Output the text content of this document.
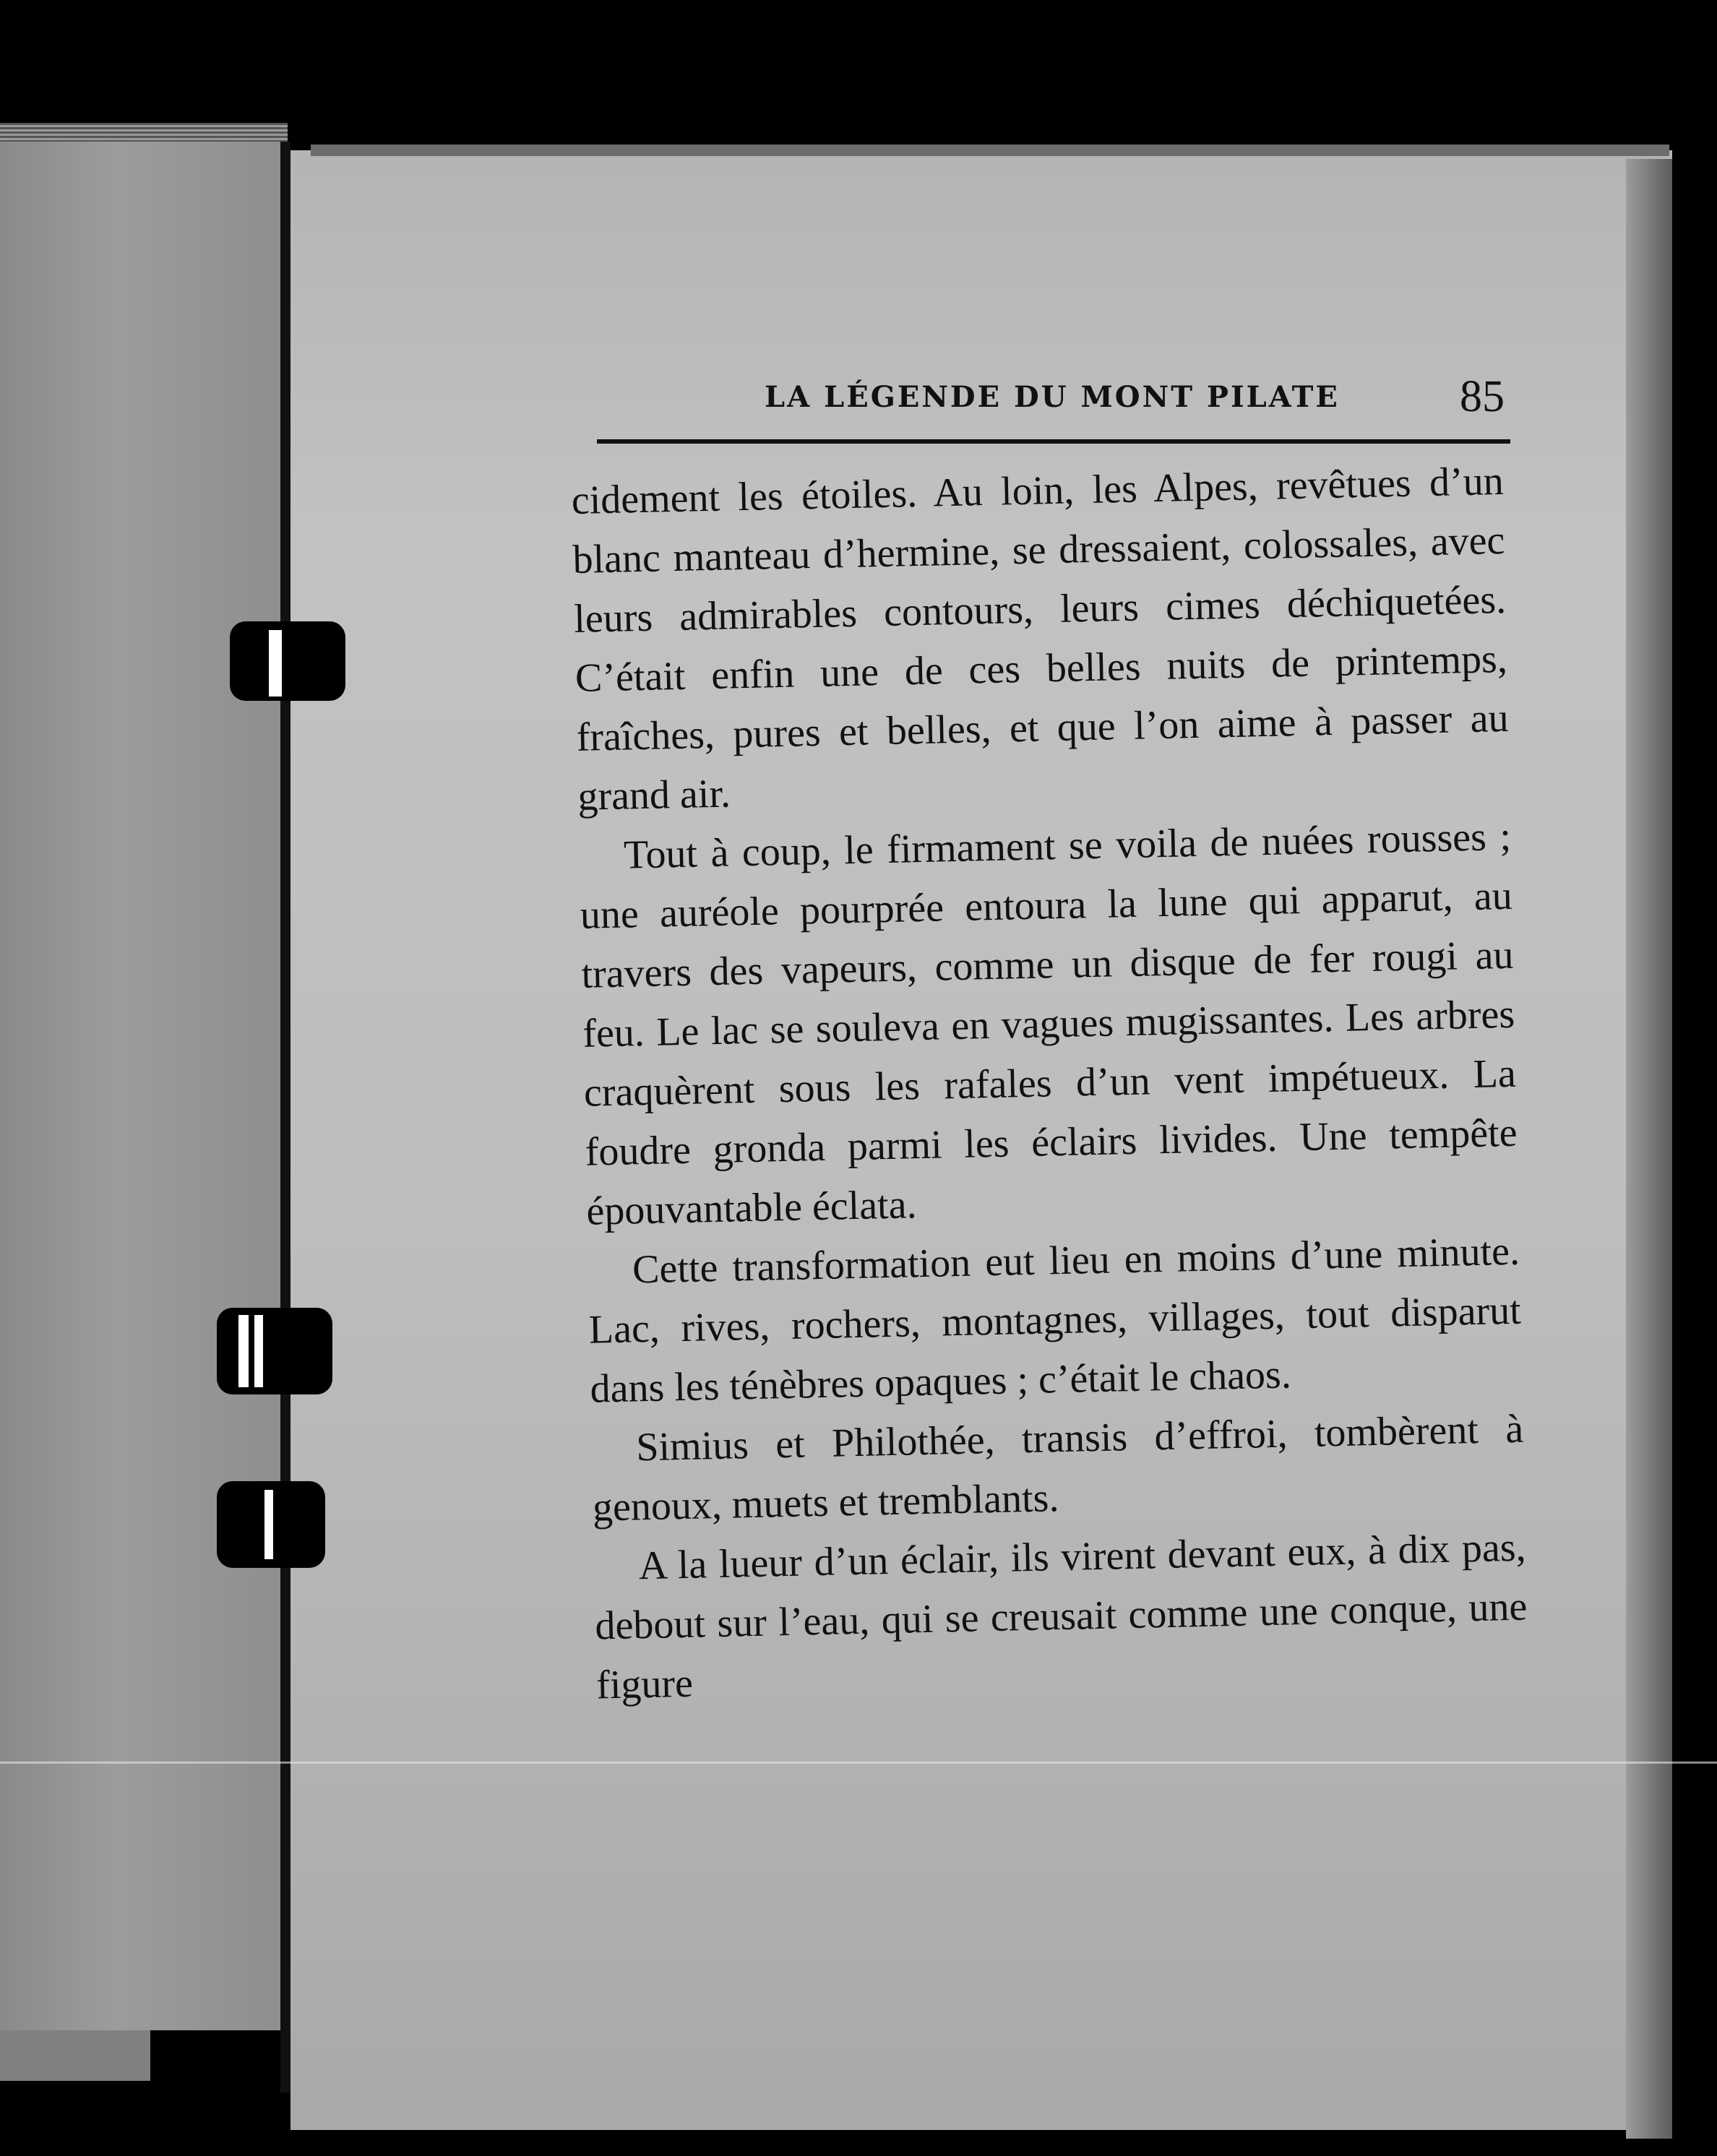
LA LÉGENDE DU MONT PILATE	85

cidement les étoiles. Au loin, les Alpes, revêtues d’un blanc manteau d’hermine, se dressaient, colossales, avec leurs admirables contours, leurs cimes déchiquetées. C’était enfin une de ces belles nuits de printemps, fraîches, pures et belles, et que l’on aime à passer au grand air.

Tout à coup, le firmament se voila de nuées rousses ; une auréole pourprée entoura la lune qui apparut, au travers des vapeurs, comme un disque de fer rougi au feu. Le lac se souleva en vagues mugissantes. Les arbres craquèrent sous les rafales d’un vent impétueux. La foudre gronda parmi les éclairs livides. Une tempête épouvantable éclata.

Cette transformation eut lieu en moins d’une minute. Lac, rives, rochers, montagnes, villages, tout disparut dans les ténèbres opaques ; c’était le chaos.

Simius et Philothée, transis d’effroi, tombèrent à genoux, muets et tremblants.

A la lueur d’un éclair, ils virent devant eux, à dix pas, debout sur l’eau, qui se creusait comme une conque, une figure
